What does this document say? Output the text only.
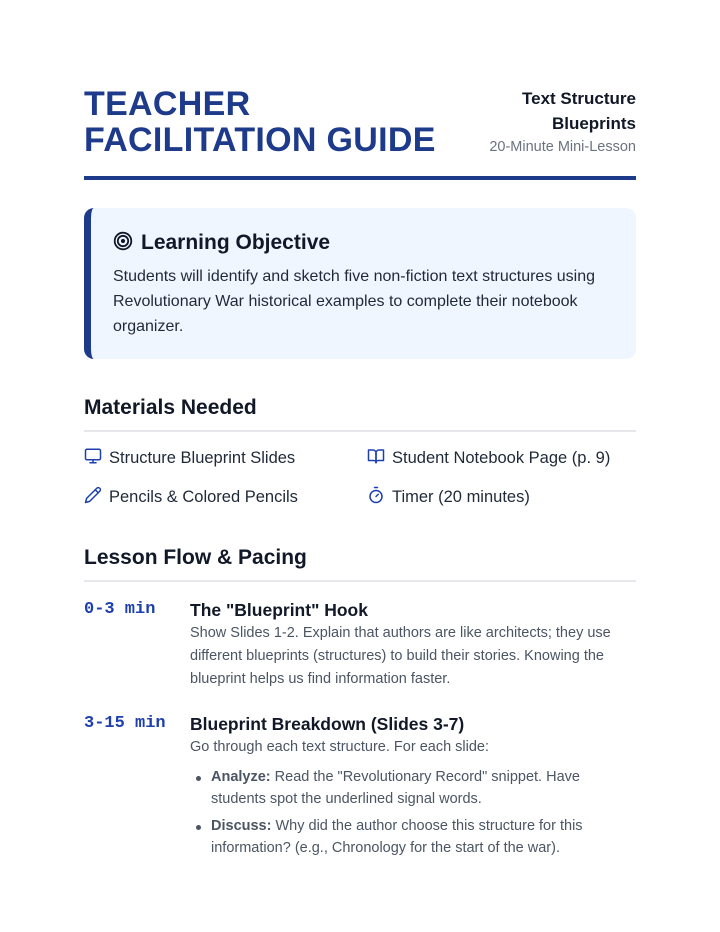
TEACHER
FACILITATION GUIDE
Text Structure
Blueprints
20-Minute Mini-Lesson
Learning Objective

Students will identify and sketch five non-fiction text structures using Revolutionary War historical examples to complete their notebook organizer.

Materials Needed
Structure Blueprint Slides	Student Notebook Page (p. 9)
Pencils & Colored Pencils	Timer (20 minutes)
Lesson Flow & Pacing
0-3 min The "Blueprint" Hook

Show Slides 1-2. Explain that authors are like architects; they use different blueprints (structures) to build their stories. Knowing the blueprint helps us find information faster.

3-15 min Blueprint Breakdown (Slides 3-7)

Go through each text structure. For each slide:

Analyze: Read the "Revolutionary Record" snippet. Have students spot the underlined signal words.
Discuss: Why did the author choose this structure for this information? (e.g., Chronology for the start of the war).
